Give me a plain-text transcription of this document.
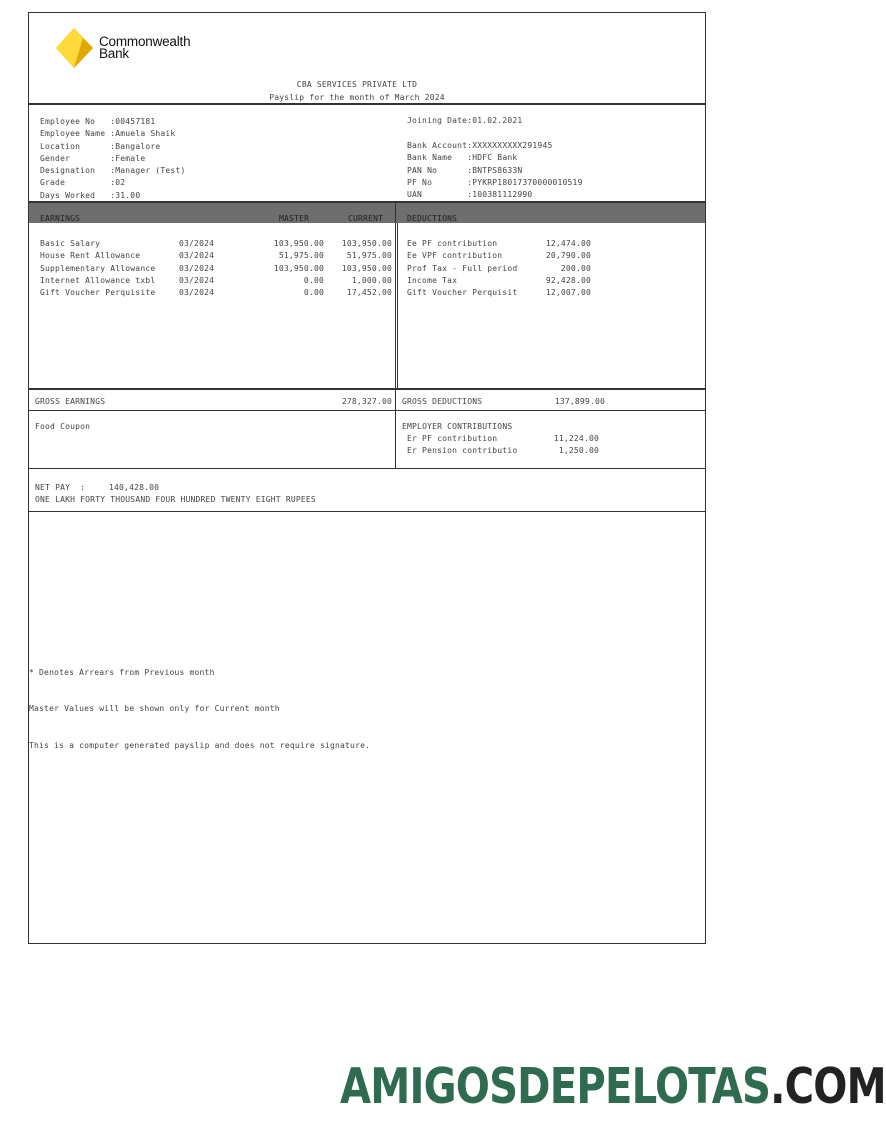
Commonwealth
Bank
CBA SERVICES PRIVATE LTD
Payslip for the month of March 2024
Employee No :00457181
Employee Name :Amuela Shaik
Location :Bangalore
Gender :Female
Designation :Manager (Test)
Grade :02
Days Worked :31.00
Joining Date:01.02.2021
Bank Account :XXXXXXXXXX291945
Bank Name :HDFC Bank
PAN No :BNTPS8633N
PF No :PYKRP18017370000010519
UAN :100381112990
EARNINGS	MASTER	CURRENT	DEDUCTIONS
Basic Salary	03/2024	103,950.00	103,950.00
House Rent Allowance	03/2024	51,975.00	51,975.00
Supplementary Allowance	03/2024	103,950.00	103,950.00
Internet Allowance txbl	03/2024	0.00	1,000.00
Gift Voucher Perquisite	03/2024	0.00	17,452.00
Ee PF contribution	12,474.00
Ee VPF contribution	20,790.00
Prof Tax - Full period	200.00
Income Tax	92,428.00
Gift Voucher Perquisit	12,007.00
GROSS EARNINGS	278,327.00 GROSS DEDUCTIONS	137,899.00
Food Coupon	EMPLOYER CONTRIBUTIONS
Er PF contribution	11,224.00
Er Pension contributio	1,250.00
NET PAY  :	140,428.00
ONE LAKH FORTY THOUSAND FOUR HUNDRED TWENTY EIGHT RUPEES

* Denotes Arrears from Previous month

Master Values will be shown only for Current month

This is a computer generated payslip and does not require signature.

AMIGOSDEPELOTAS.COM
